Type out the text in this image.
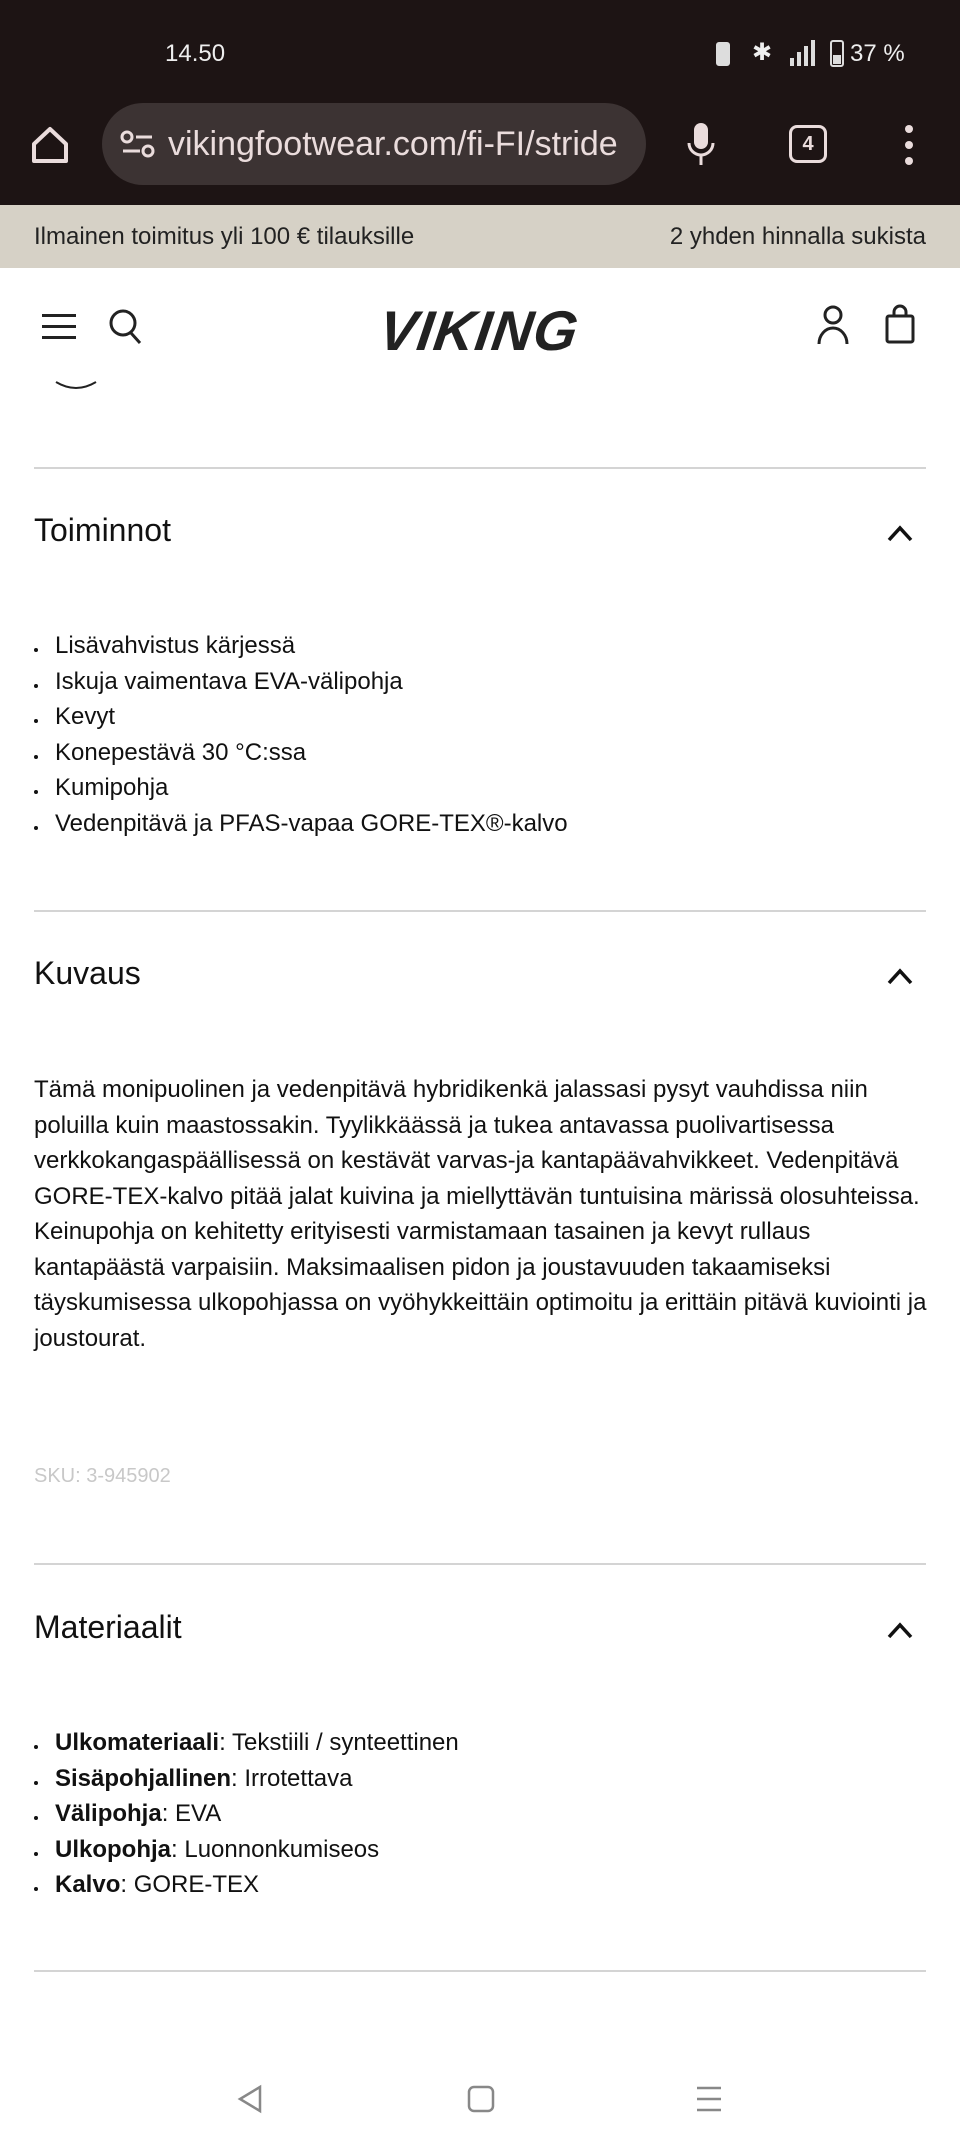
14.50	✱	37 %
vikingfootwear.com/fi-FI/stride	4
Ilmainen toimitus yli 100 € tilauksille	2 yhden hinnalla sukista
VIKING
Toiminnot
Lisävahvistus kärjessä
Iskuja vaimentava EVA-välipohja
Kevyt
Konepestävä 30 °C:ssa
Kumipohja
Vedenpitävä ja PFAS-vapaa GORE-TEX®-kalvo
Kuvaus

Tämä monipuolinen ja vedenpitävä hybridikenkä jalassasi pysyt vauhdissa niin poluilla kuin maastossakin. Tyylikkäässä ja tukea antavassa puolivartisessa verkkokangaspäällisessä on kestävät varvas-ja kantapäävahvikkeet. Vedenpitävä GORE-TEX-kalvo pitää jalat kuivina ja miellyttävän tuntuisina märissä olosuhteissa. Keinupohja on kehitetty erityisesti varmistamaan tasainen ja kevyt rullaus kantapäästä varpaisiin. Maksimaalisen pidon ja joustavuuden takaamiseksi täyskumisessa ulkopohjassa on vyöhykkeittäin optimoitu ja erittäin pitävä kuviointi ja joustourat.

SKU: 3-945902
Materiaalit
Ulkomateriaali: Tekstiili / synteettinen
Sisäpohjallinen: Irrotettava
Välipohja: EVA
Ulkopohja: Luonnonkumiseos
Kalvo: GORE-TEX
